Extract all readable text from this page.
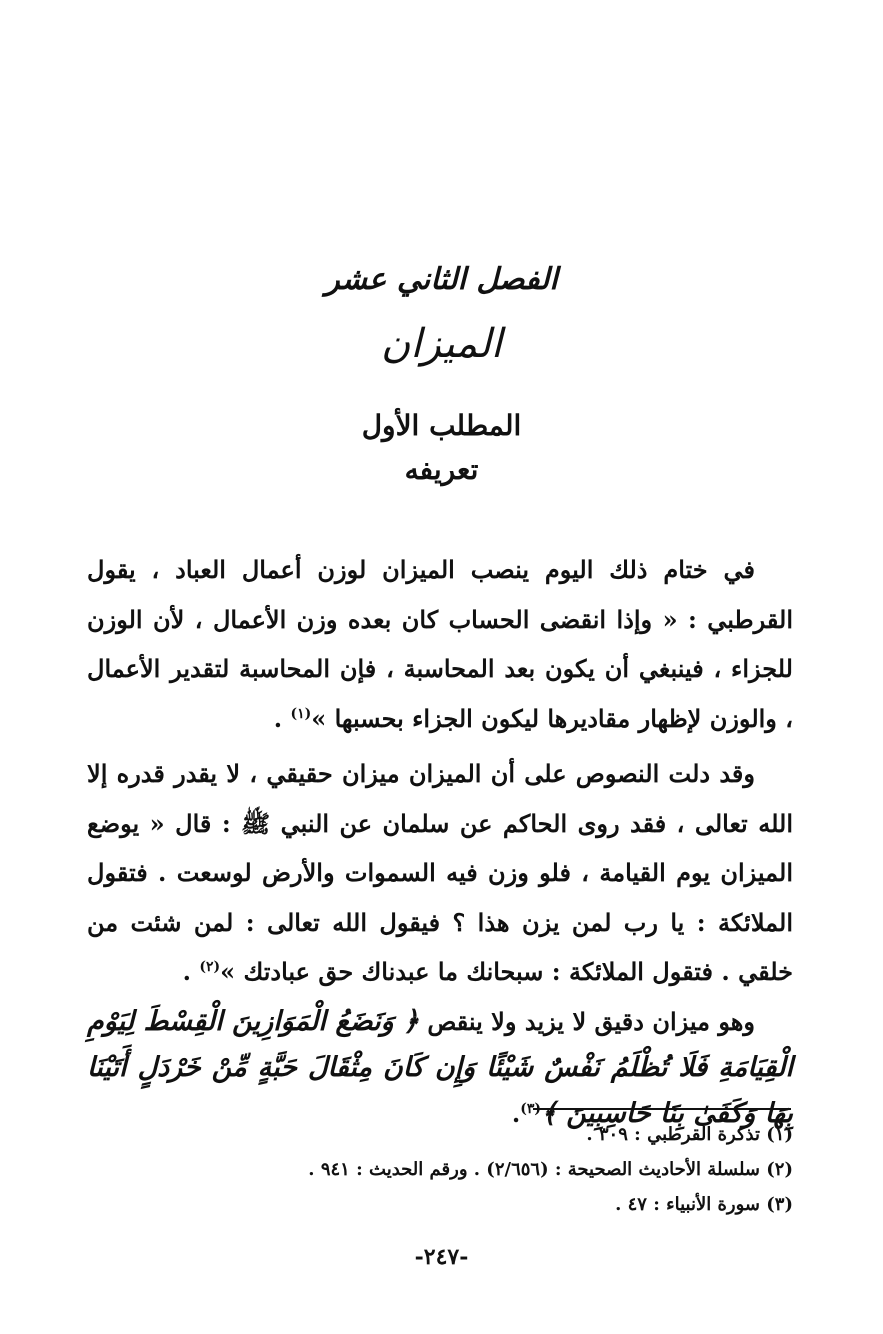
الفصل الثاني عشر
الميزان
المطلب الأول
تعريفه

في ختام ذلك اليوم ينصب الميزان لوزن أعمال العباد ، يقول القرطبي : « وإذا انقضى الحساب كان بعده وزن الأعمال ، لأن الوزن للجزاء ، فينبغي أن يكون بعد المحاسبة ، فإن المحاسبة لتقدير الأعمال ، والوزن لإظهار مقاديرها ليكون الجزاء بحسبها »$^{(١)}$ .

وقد دلت النصوص على أن الميزان ميزان حقيقي ، لا يقدر قدره إلا الله تعالى ، فقد روى الحاكم عن سلمان عن النبي ﷺ : قال « يوضع الميزان يوم القيامة ، فلو وزن فيه السموات والأرض لوسعت . فتقول الملائكة : يا رب لمن يزن هذا ؟ فيقول الله تعالى : لمن شئت من خلقي . فتقول الملائكة : سبحانك ما عبدناك حق عبادتك »$^{(٢)}$ .

وهو ميزان دقيق لا يزيد ولا ينقص ﴿ وَنَضَعُ الْمَوَازِينَ الْقِسْطَ لِيَوْمِ الْقِيَامَةِ فَلَا تُظْلَمُ نَفْسٌ شَيْئًا وَإِن كَانَ مِثْقَالَ حَبَّةٍ مِّنْ خَرْدَلٍ أَتَيْنَا بِهَا وَكَفَىٰ بِنَا حَاسِبِينَ ﴾$^{(٣)}$.

(١) تذكرة القرطبي : ٣٠٩ .
(٢) سلسلة الأحاديث الصحيحة : (٢/٦٥٦) . ورقم الحديث : ٩٤١ .
(٣) سورة الأنبياء : ٤٧ .
-٢٤٧-
